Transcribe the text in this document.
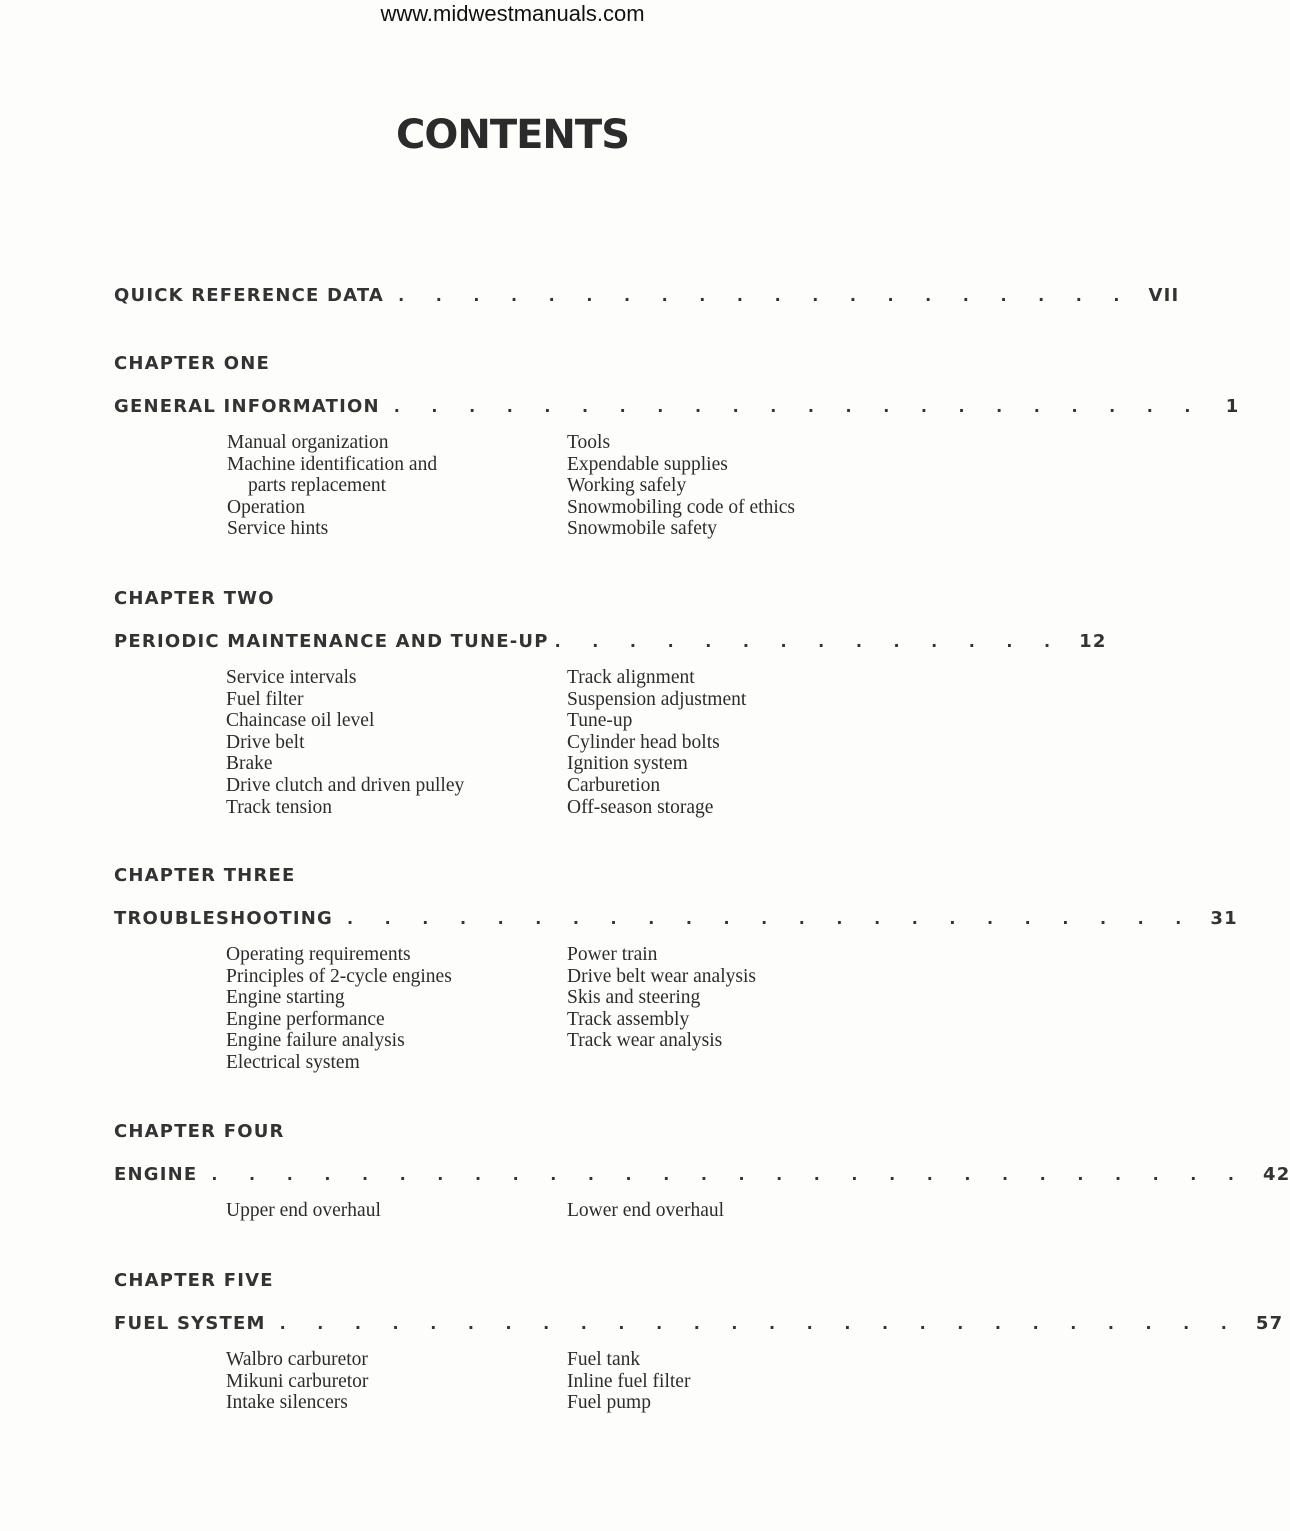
www.midwestmanuals.com
CONTENTS
QUICK REFERENCE DATA . . . . . . . . . . . . . . . . . . . . VII
CHAPTER ONE
GENERAL INFORMATION . . . . . . . . . . . . . . . . . . . . . .	1
Manual organization
Machine identification and
parts replacement
Operation
Service hints
Tools
Expendable supplies
Working safely
Snowmobiling code of ethics
Snowmobile safety
CHAPTER TWO
PERIODIC MAINTENANCE AND TUNE-UP . . . . . . . . . . . . . . 12
Service intervals
Fuel filter
Chaincase oil level
Drive belt
Brake
Drive clutch and driven pulley
Track tension
Track alignment
Suspension adjustment
Tune-up
Cylinder head bolts
Ignition system
Carburetion
Off-season storage
CHAPTER THREE
TROUBLESHOOTING . . . . . . . . . . . . . . . . . . . . . . . 31
Operating requirements
Principles of 2-cycle engines
Engine starting
Engine performance
Engine failure analysis
Electrical system
Power train
Drive belt wear analysis
Skis and steering
Track assembly
Track wear analysis
CHAPTER FOUR
ENGINE . . . . . . . . . . . . . . . . . . . . . . . . . . . . 42
Upper end overhaul	Lower end overhaul
CHAPTER FIVE
FUEL SYSTEM . . . . . . . . . . . . . . . . . . . . . . . . . . 57
Walbro carburetor
Mikuni carburetor
Intake silencers
Fuel tank
Inline fuel filter
Fuel pump
